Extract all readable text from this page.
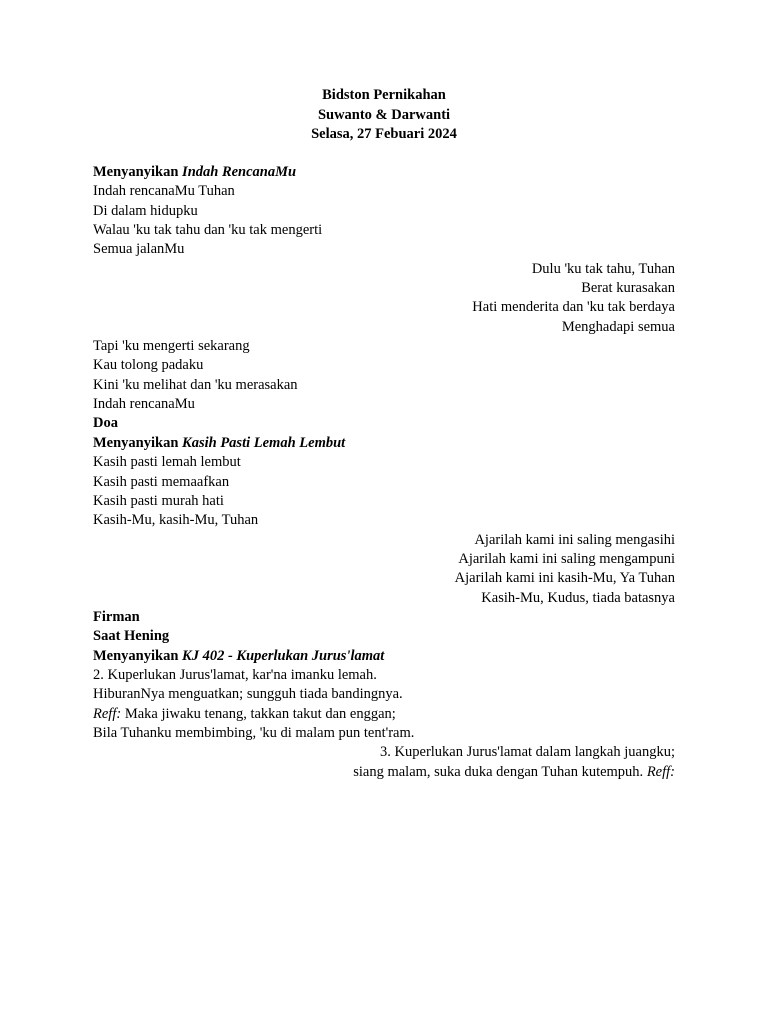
Bidston Pernikahan
Suwanto & Darwanti
Selasa, 27 Febuari 2024
Menyanyikan Indah RencanaMu
Indah rencanaMu Tuhan
Di dalam hidupku
Walau 'ku tak tahu dan 'ku tak mengerti
Semua jalanMu
Dulu 'ku tak tahu, Tuhan
Berat kurasakan
Hati menderita dan 'ku tak berdaya
Menghadapi semua
Tapi 'ku mengerti sekarang
Kau tolong padaku
Kini 'ku melihat dan 'ku merasakan
Indah rencanaMu
Doa
Menyanyikan Kasih Pasti Lemah Lembut
Kasih pasti lemah lembut
Kasih pasti memaafkan
Kasih pasti murah hati
Kasih-Mu, kasih-Mu, Tuhan
Ajarilah kami ini saling mengasihi
Ajarilah kami ini saling mengampuni
Ajarilah kami ini kasih-Mu, Ya Tuhan
Kasih-Mu, Kudus, tiada batasnya
Firman
Saat Hening
Menyanyikan KJ 402 - Kuperlukan Jurus'lamat
2. Kuperlukan Jurus'lamat, kar'na imanku lemah.
HiburanNya menguatkan; sungguh tiada bandingnya.
Reff: Maka jiwaku tenang, takkan takut dan enggan;
Bila Tuhanku membimbing, 'ku di malam pun tent'ram.
3. Kuperlukan Jurus'lamat dalam langkah juangku;
siang malam, suka duka dengan Tuhan kutempuh. Reff:
